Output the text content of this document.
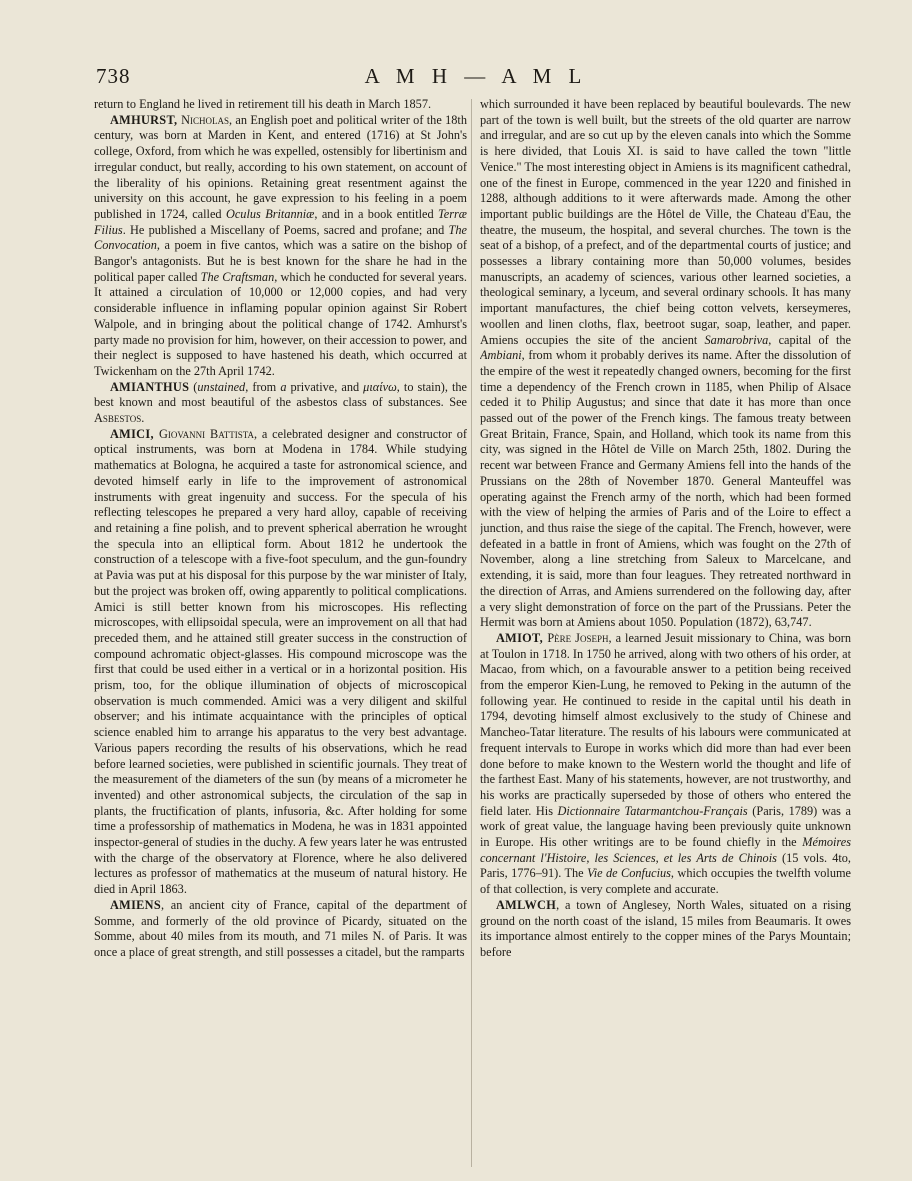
738	A M H — A M L

return to England he lived in retirement till his death in March 1857.

AMHURST, Nicholas, an English poet and political writer of the 18th century, was born at Marden in Kent, and entered (1716) at St John's college, Oxford, from which he was expelled, ostensibly for libertinism and irregular conduct, but really, according to his own statement, on account of the liberality of his opinions. Retaining great resentment against the university on this account, he gave expression to his feeling in a poem published in 1724, called Oculus Britanniæ, and in a book entitled Terræ Filius. He published a Miscellany of Poems, sacred and profane; and The Convocation, a poem in five cantos, which was a satire on the bishop of Bangor's antagonists. But he is best known for the share he had in the political paper called The Craftsman, which he conducted for several years. It attained a circulation of 10,000 or 12,000 copies, and had very considerable influence in inflaming popular opinion against Sir Robert Walpole, and in bringing about the political change of 1742. Amhurst's party made no provision for him, however, on their accession to power, and their neglect is supposed to have hastened his death, which occurred at Twickenham on the 27th April 1742.

AMIANTHUS (unstained, from a privative, and μιαίνω, to stain), the best known and most beautiful of the asbestos class of substances. See Asbestos.

AMICI, Giovanni Battista, a celebrated designer and constructor of optical instruments, was born at Modena in 1784. While studying mathematics at Bologna, he acquired a taste for astronomical science, and devoted himself early in life to the improvement of astronomical instruments with great ingenuity and success. For the specula of his reflecting telescopes he prepared a very hard alloy, capable of receiving and retaining a fine polish, and to prevent spherical aberration he wrought the specula into an elliptical form. About 1812 he undertook the construction of a telescope with a five-foot speculum, and the gun-foundry at Pavia was put at his disposal for this purpose by the war minister of Italy, but the project was broken off, owing apparently to political complications. Amici is still better known from his microscopes. His reflecting microscopes, with ellipsoidal specula, were an improvement on all that had preceded them, and he attained still greater success in the construction of compound achromatic object-glasses. His compound microscope was the first that could be used either in a vertical or in a horizontal position. His prism, too, for the oblique illumination of objects of microscopical observation is much commended. Amici was a very diligent and skilful observer; and his intimate acquaintance with the principles of optical science enabled him to arrange his apparatus to the very best advantage. Various papers recording the results of his observations, which he read before learned societies, were published in scientific journals. They treat of the measurement of the diameters of the sun (by means of a micrometer he invented) and other astronomical subjects, the circulation of the sap in plants, the fructification of plants, infusoria, &c. After holding for some time a professorship of mathematics in Modena, he was in 1831 appointed inspector-general of studies in the duchy. A few years later he was entrusted with the charge of the observatory at Florence, where he also delivered lectures as professor of mathematics at the museum of natural history. He died in April 1863.

AMIENS, an ancient city of France, capital of the department of Somme, and formerly of the old province of Picardy, situated on the Somme, about 40 miles from its mouth, and 71 miles N. of Paris. It was once a place of great strength, and still possesses a citadel, but the ramparts

which surrounded it have been replaced by beautiful boulevards. The new part of the town is well built, but the streets of the old quarter are narrow and irregular, and are so cut up by the eleven canals into which the Somme is here divided, that Louis XI. is said to have called the town "little Venice." The most interesting object in Amiens is its magnificent cathedral, one of the finest in Europe, commenced in the year 1220 and finished in 1288, although additions to it were afterwards made. Among the other important public buildings are the Hôtel de Ville, the Chateau d'Eau, the theatre, the museum, the hospital, and several churches. The town is the seat of a bishop, of a prefect, and of the departmental courts of justice; and possesses a library containing more than 50,000 volumes, besides manuscripts, an academy of sciences, various other learned societies, a theological seminary, a lyceum, and several ordinary schools. It has many important manufactures, the chief being cotton velvets, kerseymeres, woollen and linen cloths, flax, beetroot sugar, soap, leather, and paper. Amiens occupies the site of the ancient Samarobriva, capital of the Ambiani, from whom it probably derives its name. After the dissolution of the empire of the west it repeatedly changed owners, becoming for the first time a dependency of the French crown in 1185, when Philip of Alsace ceded it to Philip Augustus; and since that date it has more than once passed out of the power of the French kings. The famous treaty between Great Britain, France, Spain, and Holland, which took its name from this city, was signed in the Hôtel de Ville on March 25th, 1802. During the recent war between France and Germany Amiens fell into the hands of the Prussians on the 28th of November 1870. General Manteuffel was operating against the French army of the north, which had been formed with the view of helping the armies of Paris and of the Loire to effect a junction, and thus raise the siege of the capital. The French, however, were defeated in a battle in front of Amiens, which was fought on the 27th of November, along a line stretching from Saleux to Marcelcane, and extending, it is said, more than four leagues. They retreated northward in the direction of Arras, and Amiens surrendered on the following day, after a very slight demonstration of force on the part of the Prussians. Peter the Hermit was born at Amiens about 1050. Population (1872), 63,747.

AMIOT, Père Joseph, a learned Jesuit missionary to China, was born at Toulon in 1718. In 1750 he arrived, along with two others of his order, at Macao, from which, on a favourable answer to a petition being received from the emperor Kien-Lung, he removed to Peking in the autumn of the following year. He continued to reside in the capital until his death in 1794, devoting himself almost exclusively to the study of Chinese and Mancheo-Tatar literature. The results of his labours were communicated at frequent intervals to Europe in works which did more than had ever been done before to make known to the Western world the thought and life of the farthest East. Many of his statements, however, are not trustworthy, and his works are practically superseded by those of others who entered the field later. His Dictionnaire Tatarmantchou-Français (Paris, 1789) was a work of great value, the language having been previously quite unknown in Europe. His other writings are to be found chiefly in the Mémoires concernant l'Histoire, les Sciences, et les Arts de Chinois (15 vols. 4to, Paris, 1776–91). The Vie de Confucius, which occupies the twelfth volume of that collection, is very complete and accurate.

AMLWCH, a town of Anglesey, North Wales, situated on a rising ground on the north coast of the island, 15 miles from Beaumaris. It owes its importance almost entirely to the copper mines of the Parys Mountain; before
